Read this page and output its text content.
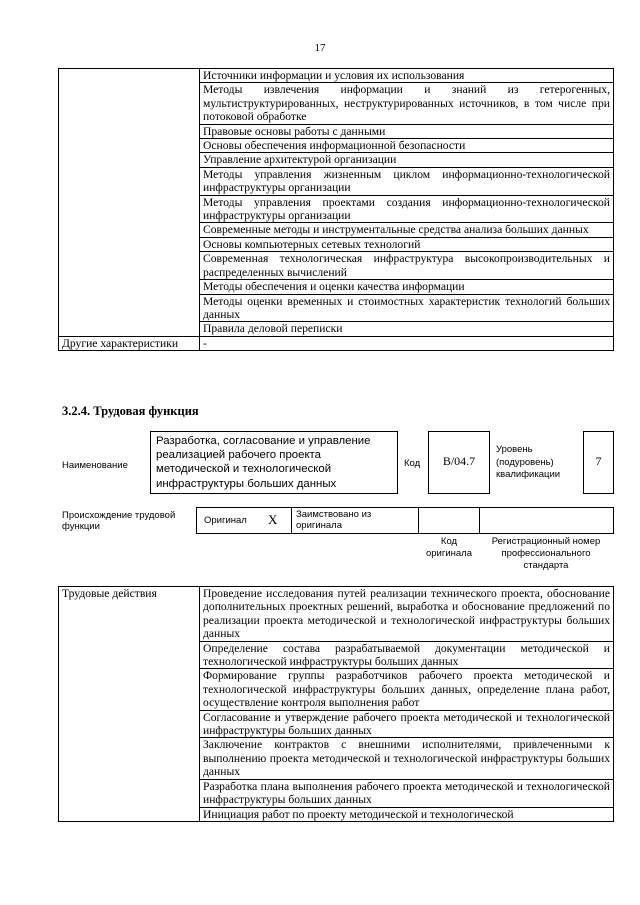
17
	Источники информации и условия их использования
	Методы извлечения информации и знаний из гетерогенных, мультиструктурированных, неструктурированных источников, в том числе при потоковой обработке
	Правовые основы работы с данными
	Основы обеспечения информационной безопасности
	Управление архитектурой организации
	Методы управления жизненным циклом информационно-технологической инфраструктуры организации
	Методы управления проектами создания информационно-технологической инфраструктуры организации
	Современные методы и инструментальные средства анализа больших данных
	Основы компьютерных сетевых технологий
	Современная технологическая инфраструктура высокопроизводительных и распределенных вычислений
	Методы обеспечения и оценки качества информации
	Методы оценки временных и стоимостных характеристик технологий больших данных
	Правила деловой переписки
Другие характеристики	-
3.2.4. Трудовая функция
Наименование
Разработка, согласование и управление реализацией рабочего проекта методической и технологической инфраструктуры больших данных
Код	B/04.7
Уровень (подуровень) квалификации
7
Происхождение трудовой функции
Оригинал X Заимствовано из оригинала
Код оригинала
Регистрационный номер профессионального стандарта
Трудовые действия	Проведение исследования путей реализации технического проекта, обоснование дополнительных проектных решений, выработка и обоснование предложений по реализации проекта методической и технологической инфраструктуры больших данных
Определение состава разрабатываемой документации методической и технологической инфраструктуры больших данных
Формирование группы разработчиков рабочего проекта методической и технологической инфраструктуры больших данных, определение плана работ, осуществление контроля выполнения работ
Согласование и утверждение рабочего проекта методической и технологической инфраструктуры больших данных
Заключение контрактов с внешними исполнителями, привлеченными к выполнению проекта методической и технологической инфраструктуры больших данных
Разработка плана выполнения рабочего проекта методической и технологической инфраструктуры больших данных
Инициация работ по проекту методической и технологической
